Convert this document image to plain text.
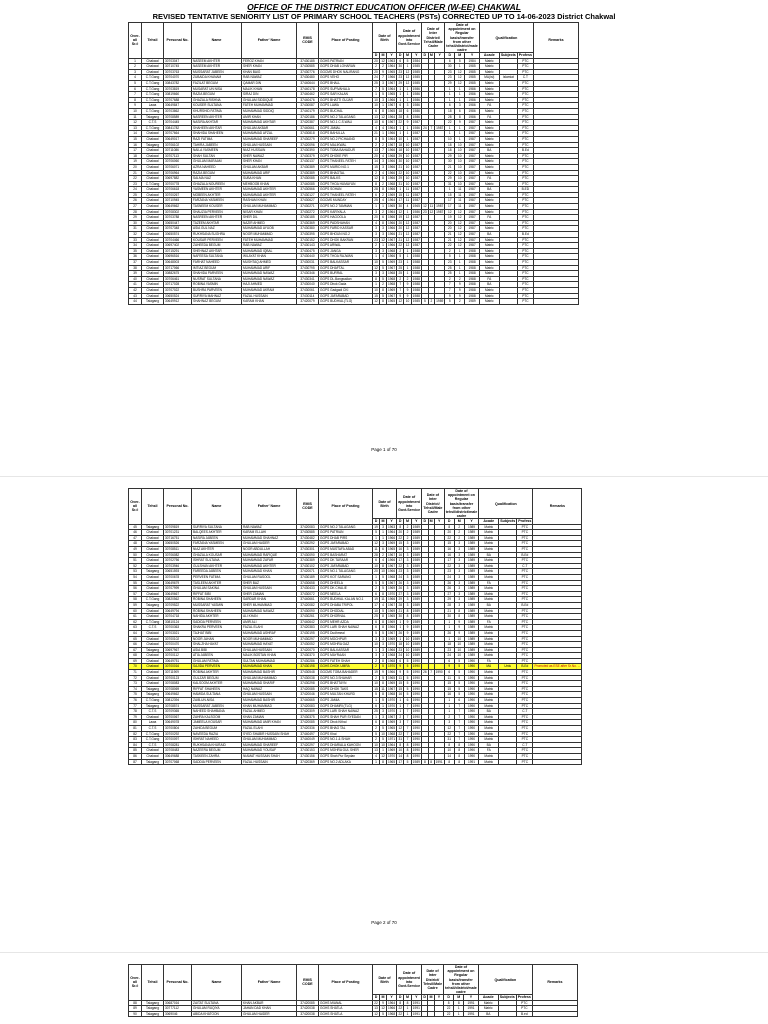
OFFICE OF THE DISTRICT EDUCATION OFFICER (W-EE) CHAKWAL
REVISED TENTATIVE SENIORITY LIST OF PRIMARY SCHOOL TEACHERS (PSTs) CORRECTED UP TO 14-06-2023 District Chakwal
Over-all Sr.#	Tehsil	Personal No.	Name	Father' Name	EMIS CODE	Place of Posting	Date of Birth			Date of appointment into Govt.Service			Date of Inter District/ Tehsil/Male Cadre			Date of appointment on Regular basis/transfer from other tehsil/district/male cadre			Qualification			Remarks
							D	M	Y	D	M	Y	D	M	Y	D	M	Y	Acade	Subjects	Profess	
1	Chakwal	30703047	NASEEM AKHTER	FEROZ KHAN	37430185	GGHS PATRIAN	20	12	1963	6	5	1984				6	5	1984	Matric		PTC	
2	Chakwal	30710745	NASEEM AKHTER	SHER KHAN	37430585	GGPS DHAB LOHARAN	2	2	1964	30	1	1985				30	1	1985	Matric		PTC	
3	Chakwal	30703763	MUSSARAT JABEEN	KHAN BAIG	37430776	GGCMS DHOK NALIRANG	20	9	1965	23	12	1985				23	12	1985	Matric		PTC	
4	C.T.Gang	30704070	ZUBAIDA KHANAM	RAB NAWAZ	37430480	GGPS VEHO	24	7	1966	23	12	1985				23	12	1985	MA(Isl)	Islamiat	C.T	
5	C.T.Gang	30843782	FAZILAT BEGUM	QAMAR DIN	37440644	GGPS BHALL	25	3	1967	29	12	1985				29	12	1985	Matric		PTC	
6	C.T.Gang	30703819	MUSARAT UN NISA	MALIK KHAN	37440178	GGPS SUPIVAHALA	7	5	1964	1	1	1986				1	1	1986	Matric		PTC	
7	C.T.Gang	30819660	RAZIA BEGUM	SIRAJ DIN	37440462	GGPS SAR KALAN	1	5	1965	1	1	1986				1	1	1986	Matric		PTC	
8	C.T.Gang	30707688	GHAZALA RISHNA	GHULAM SIDDIQUE	37440476	GGPS BHATTI GUJAR	10	3	1966	1	1	1986				1	1	1986	Matric		PTC	
9	Lawa	30649847	KOUSER SULTANA	FATEH MUHAMMAD	37430087	GGPS LAWA	10	1	1967	6	3	1986				6	3	1986	FA		PTC	
10	C.T.Gang	30703862	KHURSHID FATIMA	MUHAMMAD SIDDIQ	37440179	GGPS BUCHAL	6	8	1965	18	6	1986				18	6	1986	Matric		PTC	
11	Talagang	30708589	NASREEN AKHTER	AMIR KHAN	37420186	GGPS NO.2 TALAGANG	13	12	1964	28	8	1986				28	8	1986	FA		PTC	
12	C.T.S	30704445	NASIRA AKHTAR	MUHAMMAD AKHTAR	37420387	GGPS NO.1 C.S.WALI	10	6	1967	22	9	1987				22	9	1987	Matric		PTC	
13	C.T.Gang	30841782	SHAHEEN AKHTAR	GHULAM AKBAR	37440661	GGPS JAMAL	4	4	1964	1	1	1986	24	7	1987	1	1	1987	Matric		PTC	
14	Chakwal	30707664	SHAHIDA SHAHEEN	MUHAMMAD AFZAL	37430818	GGPS BAHULLA	21	1	1966	1	1	1987				1	1	1987	Matric		PTC	
15	Chakwal	30649017	RAZI FATIMA	MUHAMMAD SHAREEF	37430279	GGPS NO.2 PICHAAND	8	5	1964	10	1	1987				10	1	1987	Matric		PTC	
16	Talagang	30706102	TAHIRA JABEEN	GHULAM HUSSAIN	37420096	GGPS MALIKWAL	2	2	1967	18	10	1987				18	10	1987	Matric		PTC	
17	Chakwal	30711086	NAILA YASMEEN	NIAZ HUSSAIN	37430390	GGPS TOBA BAHADUR	13	7	1966	18	10	1987				18	10	1987	BA		B.Ed	
18	Chakwal	30707113	SHAH SULTAN	SHER NAWAZ	37430379	GGPS DHOKE PIR	20	4	1968	29	10	1987				29	10	1987	Matric		PTC	
19	Chakwal	30706060	GHULAM MARAAM	SHER KHAN	37430137	GGPS THANEEL FATEH	14	3	1966	30	10	1987				30	10	1987	Matric		PTC	
20	Chakwal	30706071	AZRA NAHEED	GHULAM AKBAR	37430389	GGPS MURID NO.1	15	3	1966	21	10	1987				21	10	1987	Matric		PTC	
21	Chakwal	30706964	RAZIA BEGUM	MUHAMMAD ARIF	37430389	GGPS BHAGTAL	2	4	1966	22	10	1987				22	10	1987	Matric		PTC	
22	Chakwal	30697882	SALMA NAZ	SUBA KHAN	37430085	GGPS BALKS	12	8	1966	29	10	1987				29	10	1987	FA		PTC	
23	C.T.Gang	30700778	GHAZALA NOUREEN	MEHBOOB KHAN	37440085	GGPS THOA HUMAYUN	8	2	1968	31	10	1987				31	10	1987	Matric		PTC	
24	Chakwal	30706618	YASMEEN AKHTER	MUHAMMAD AKHTER	37430566	GGPS SOHAN	28	8	1966	1	11	1987				1	11	1987	BA		B.ED	
25	Chakwal	30700267	MOBEEN AKHTER	MUHAMMAD AKHTER	37430127	GGPS THANEEL FATEH	6	2	1969	15	11	1987				15	11	1987	Matric		PTC	
26	Chakwal	30710945	FARZANA YASMEEN	RASHAM KHAN	37430627	GGCMS MUNDAY	25	4	1964	17	11	1987				17	11	1987	Matric		PTC	
27	Chakwal	30649662	TASNEEM KOUSER	GHULAM MUHAMMAD	37430271	GGPS NO.2 TAMMAN	1	1	1965	30	4	1965	12	11	1987	17	11	1987	Matric		PTC	
28	Chakwal	30708302	SHAUZIA PERVEEN	NISAR KHAN	37430272	GGPS KARIYALA	3	2	1964	12	1	1986	23	12	1987	12	12	1987	Matric		PTC	
29	Chakwal	30703788	NASREEN AKHTER	SHER DIL	37430185	GGPS HAGOOLA	20	6	1966	19	12	1987				19	12	1987	FA		PTC	
30	Chakwal	30650447	TAZEEM AKHTAR	NAZIR AHMED	37430369	GGPS PADSHAHAN	4	8	1966	20	12	1987				20	12	1987	Matric		PTC	
31	Chakwal	30707348	ASIA GUL NAZ	MUHAMMAD AYUOB	37430380	GGPS FARID KASSAR	3	3	1966	20	12	1987				20	12	1987	Matric		PTC	
32	Chakwal	30650574	RUKHSANA SUGHRA	NOOR MUHAMMAD	37430395	GGPS BHOUN NO.2	3	3	1966	21	12	1987				21	12	1987	BA		B.Ed	
33	Chakwal	30704466	KOUSAR PERVEEN	FATEH MUHAMMAD	37430152	GGPS DHOK BAKRAN	23	12	1967	21	12	1987				21	12	1987	Matric		PTC	
34	Chakwal	30697402	ZAHEEDA BEGUM	RAB NAWAZ	37430143	GGPS ARWAL	2	1	1966	22	12	1987				22	12	1987	Matric		PTC	
35	Chakwal	30715291	SHEHNAZ AKHTAR	MUHAMMAD IQBAL	37430475	GGPS JANGA	3	3	1968	2	1	1988				2	1	1988	Matric		PTC	
36	Chakwal	30696516	NAFEESA SULTANA	WILAYAT KHAN	37430440	GGPS THOA RAJWAN	1	4	1966	5	1	1988				5	1	1988	Matric		PTC	
37	Chakwal	30648003	FARHAT NAHEED	MUSHTAQ AHMED	37430031	GGPS BALKASSAR	10	5	1969	23	1	1988				23	1	1988	Matric		PTC	
38	Chakwal	30717066	IMTIAZ BEGUM	MUHAMMAD ARIF	37430795	GGPS DHAFTAL	12	5	1967	25	1	1988				25	1	1988	Matric		PTC	
39	Chakwal	30882675	SHAHIDA PARVEEN	MUHAMMAD NAWAZ	37430346	GGPS BURRAL	3	3	1968	25	1	1988				25	1	1988	Matric		PTC	
40	Chakwal	30706461	NUSRAT SULTANA	MUHAMMAD NAWAZ	37430341	GGPS DL.Bangwalian	8	5	1968	2	2	1988				2	2	1988	FA		PTC	
41	Chakwal	30717028	ROBINA YASMIN	HAJI AHMED	37430040	GGPS Dhok Gada	1	2	1968	7	9	1988				7	9	1988	BA		PTC	
42	Chakwal	30707022	BUSHRA PARVEEN	MUHAMMAD AKRAM	37430061	GGPS Gadgadi CKI	10	8	1969	7	9	1988				7	9	1988	Matric		PTC	
43	Chakwal	30650524	SURRIYA MAHNAZ	FAZAL HUSSAIN	37430114	GGPS JAFARABAD	15	5	1967	9	9	1988				9	9	1988	Matric		PTC	
44	Talagang	30649912	SHAHNAZ BEGUM	KARAM KHAN	37420079	GGPS BUDHIAL(TLG)	12	8	1965	12	10	1985	5	2	1989	5	2	1989	Matric		PTC	
Page 1 of 70
Over-all Sr.#	Tehsil	Personal No.	Name	Father' Name	EMIS CODE	Place of Posting	Date of Birth			Date of appointment into Govt.Service			Date of Inter District/ Tehsil/Male Cadre			Date of appointment on Regular basis/transfer from other tehsil/district/male cadre			Qualification			Remarks
							D	M	Y	D	M	Y	D	M	Y	D	M	Y	Acade	Subjects	Profess	
45	Talagang	30709819	SURRIYA SULTANA	RAB NAWAZ	37420083	GGPS NO.2 TALAGANG	19	3	1963	8	2	1989				8	2	1989	Matric		PTC	
46	Chakwal	30701231	BALQEES AKHTER	KARAM ELLAHI	37430585	GGPS PATRIAN	5	1	1964	20	2	1989				20	2	1989	Matric		PTC	
47	Chakwal	30716751	NASIRA JABEEN	MUHAMMAD SHAHNAZ	37430482	GGPS DHAB PIRS	1	1	1966	22	2	1989				22	2	1989	Matric		PTC	
48	Chakwal	30650526	FARZANA YASMEEN	GHULAM HAIDER	37430292	GGPS JAFARABAD	12	3	1969	15	3	1989				15	3	1989	Matric		PTC	
49	Chakwal	30708511	NIAZ AKHTER	NOOR ABDULLAH	37430301	GGPS MUSTAFA ABAD	11	6	1965	16	3	1989				16	3	1989	Matric		PTC	
50	Chakwal	30706082	GHAZALA KOUSAR	MUHAMMAD RAFIQUE	37430090	GGPS BASHARAT	28	2	1967	16	3	1989				16	3	1989	BA		B.Ed	
51	Chakwal	30702756	ISHRAT SULTANA	MUHAMMAD ZAFAR	37430389	GGPS DK TARAAR	6	4	1966	17	3	1989				17	3	1989	Matric		PTC	
52	Chakwal	30703946	GULSHAN AKHTER	MUHAMMAD AKHTER	37430102	GGPS JAFARABAD	10	8	1967	22	3	1989				22	3	1989	Matric		C.T	
53	Talagang	30651593	FAREEDA JABEEN	MUHAMMAD KHAN	37420071	GGPS NO.1 TALAGANG	20	10	1966	23	3	1989				23	3	1989	Matric		PTC	
54	Chakwal	30700678	PERVEEN FATIMA	GHULAM RASOOL	37430189	GGPS KOT SARANG	1	5	1968	24	3	1989				24	3	1989	Matric		PTC	
55	Chakwal	30649679	TASLEEM AKHTER	SHER BAZ	37430658	GGPS DHEELA	5	5	1967	26	3	1989				26	3	1989	FA		PTC	
56	Chakwal	30707999	GHULAM SAKINA	GHULAM HUSSAIN	37430433	GGPS DK CHALIE	2	5	1969	26	3	1989				26	3	1989	Matric		PTC	
57	Chakwal	30649667	RIFFAT BIBI	SHER ZAMAN	37430072	GGPS NEELA	6	8	1970	27	3	1989				27	3	1989	Matric		PTC	
58	C.T.Gang	30820562	ROBINA SHAHEEN	SARDAR KHAN	37440661	GGPS BUDHIAL KALAN NO.1	19	11	1966	29	3	1989				29	3	1989	Matric		PTC	
59	Talagang	30709522	MUSSARAT YASMIN	SHER MUHAMMAD	37420082	GGPS DHABA TRIPOL	17	4	1967	28	3	1989				28	3	1989	BA		B.Ed	
60	Chakwal	30649794	ROBINA SHAHEEN	MUHAMMAD NAWAZ	37430090	GGPS DHODIAL	10	5	1969	21	8	1989				21	8	1989	Matric		PTC	
61	Chakwal	30704718	NAHIDA AKHTER	ALI KHAN	37430261	GGPS DHORNAL	25	8	1965	30	8	1989				30	8	1989	Matric		PTC	
62	C.T.Gang	30810124	SADIDA PERVEEN	AMIR ALI	37440642	GGPS MEHR AZDA	6	8	1969	1	9	1989				1	9	1989	FA		PTC	
63	C.T.S	30700363	SHAKRA PERVEEN	FAZAL ELAHI	37420383	GGPS LARI SHAH NAWAZ	6	8	1966	1	9	1989				1	9	1989	Matric		PTC	
64	Chakwal	30703021	TAJHAT BIBI	MUHAMMAD ASHRAF	37430195	GGPS Dudhmeal	5	5	1967	26	9	1989				26	9	1989	Matric		PTC	
65	Chakwal	30700102	NOOR JAHAN	NOOR MUHAMMAD	37430297	GGPS MOCHPUR	3	3	1969	1	10	1989				1	10	1989	Matric		PTC	
66	Chakwal	30700470	SHALZHA HAYAT	MUHAMMAD HAYAT	37430052	GGPS MOHRA GAZ	10	3	1970	18	10	1989				18	10	1989	Matric		PTC	
67	Talagang	30697967	ASIA BIBI	GHULAM HUSSAIN	37420070	GGPS BALKASSAR	1	3	1966	23	10	1989				23	10	1989	Matric		PTC	
68	Chakwal	30700112	ATIA JABEEN	MALIK BOSTAN KHAN	37430370	GGPS MAYRAAN	3	3	1968	24	10	1989				24	10	1989	Matric		PTC	
69	Chakwal	30649751	GHULAM FATIMA	SULTAN MUHAMMAD	37430286	GGPS FATEH SHAH	2	8	1968	6	5	1990				6	5	1990	FA		PTC	
70	Chakwal	30700016	SAJIDA PERVEEN	MUHAMMAD KHAN	37430198	GGHS DHOK UMRA	2	5	1970	9	5	1990				9	5	1990	MA	Urdu	B.Ed	Promoted as ESE after Sr.No. ...
71	Chakwal	30711909	ROBINA AKHTER	MUHAMMAD BASHIR	37430548	GGCMS TOBA BAHADER	19	9	1966	9	5	1990	26	7	1990	6	5	1990	Matric		PTC	
72	Chakwal	30700123	GULZAR BEGUM	GHULAM MUHAMMAD	37430038	GGPS NO.3 SHAHAR	2	5	1965	11	5	1990				11	5	1990	Matric		PTC	
73	Chakwal	30708083	KALSOOM AKHTER	MUHAMMAD SHARIF	37430298	GGPS BHATTAYN	10	8	1969	15	5	1990				15	5	1990	Matric		PTC	
74	Talagang	30708069	RIFFAT SHAHEEN	HAQ NAWAZ	37420085	GGPS DHOK TAKS	15	11	1967	15	5	1990				15	5	1990	Matric		PTC	
75	Talagang	30649662	HAMIDA SULTANA	GHULAM HUSSAIN	37420046	GGPS MULTAN KHURD	5	8	1968	16	5	1990				16	5	1990	Matric		PTC	
76	C.T.Gang	30812394	ZAIB-UN-NISA	MUHAMMAD BASHIR	37440665	GGPS JAMIA	1	5	1970	1	6	1990				1	6	1990	Matric		PTC	
77	Talagang	30708574	MUSSARAT JABEEN	KHAN MUHAMMAD	37420083	GGPS DHAMRI (TLG)	6	1	1970	1	7	1990				1	7	1990	Matric		PTC	
78	C.T.S	30709365	NAHEED SHAHBANA	FAZAL AHMED	37420309	GGPS LARI SHAH NAWAZ	25	3	1970	1	7	1990				1	7	1990	BA		C.T	
79	Chakwal	30700067	ZAHRA KALSOOM	KHAN ZAMAN	37430375	GGPS SHAH PUR SYEDAN	1	3	1967	2	7	1990				2	7	1990	Matric		PTC	
80	Lawa	30649078	JAMEELA KOUSAR	MUHAMMAD AMIR KHAN	37420085	GGPS Dhok Kithal	6	8	1969	3	7	1990				3	7	1990	Matric		PTC	
81	C.T.S	30700804	ZAHIDA BEGUM	FAZAL ELAHI	37420336	GGPS BHAG TAL	2	5	1965	12	7	1990				12	7	1990	Matric		PTC	
82	C.T.Gang	30700292	NAVEEDA RAZIA	SYED SHABIR HUSSAIN SHAH	37440497	GGPS Khai	5	10	1968	22	7	1990				22	7	1990	Matric		PTC	
83	C.T.Gang	30700097	ISHRAT NAHEED	GHULAM MUHAMMAD	37440049	GGPS NO.1 & SHAH	2	5	1971	31	7	1990				31	7	1990	Matric		PTC	
84	C.T.S	30708281	RUKHSANA KHURAID	MUHAMMAD SHAREEF	37420297	GGPS DHARIALA KAHOON	10	10	1964	8	8	1990				8	8	1990	BA		C.T	
85	Chakwal	30708483	NAZEERA BEGUM	MUHAMMAD YOUSAF	37430153	GGPS MOHRA GUL SHER	13	1	1969	10	8	1990				10	8	1990	FA		PTC	
86	Chakwal	30649688	TASKEEN ZAHRA	NIAMAT HUSSAIN SHAH	37430156	GGPS Shah Pur Seydan	4	12	1970	14	8	1990				14	8	1990	Matric		PTC	
87	Talagang	30707068	SADDIA PERVEEN	FAZAL HUSSAIN	37420369	GGPS NO.2 ADLAKA	1	8	1965	17	5	1989	8	8	1991	8	8	1991	Matric		PTC	
Page 2 of 70
Over-all Sr.#	Tehsil	Personal No.	Name	Father' Name	EMIS CODE	Place of Posting	Date of Birth			Date of appointment into Govt.Service			Date of Inter District/ Tehsil/Male Cadre			Date of appointment on Regular basis/transfer from other tehsil/district/male cadre			Qualification			Remarks
							D	M	Y	D	M	Y	D	M	Y	D	M	Y	Acade	Subjects	Profess	
88	Talagang	30687016	ZAITAT SULTANA	KHAN AKBAR	37420085	GGHS MIANAL	22	9	1964	8	8	1991				8	8	1991	Matric		PTC	
89	Talagang	30777112	GHULAM RUQIYA	JAHAN DAD KHAN	37420038	GGHS SHATLA	13	12	1966	22	1	1991				22	1	1991	Matric		PTC	
90	Talagang	3069046	ABIDA KHATOON	GHULAM HAIDER	37420038	GGHS SHATLA	12	5	1968	22	1	1991				22	1	1991	BA		B.ed	
